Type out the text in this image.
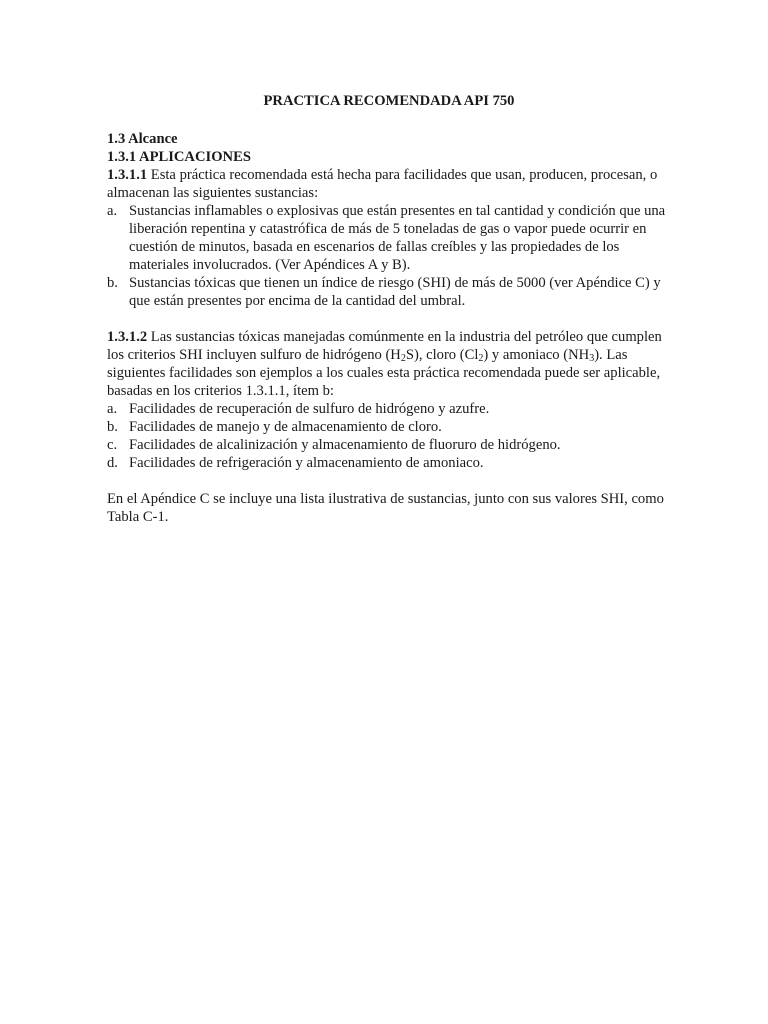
PRACTICA RECOMENDADA API 750
1.3 Alcance
1.3.1 APLICACIONES

1.3.1.1 Esta práctica recomendada está hecha para facilidades que usan, producen, procesan, o almacenan las siguientes sustancias:

a. Sustancias inflamables o explosivas que están presentes en tal cantidad y condición que una liberación repentina y catastrófica de más de 5 toneladas de gas o vapor puede ocurrir en cuestión de minutos, basada en escenarios de fallas creíbles y las propiedades de los materiales involucrados. (Ver Apéndices A y B).
b. Sustancias tóxicas que tienen un índice de riesgo (SHI) de más de 5000 (ver Apéndice C) y que están presentes por encima de la cantidad del umbral.

1.3.1.2 Las sustancias tóxicas manejadas comúnmente en la industria del petróleo que cumplen los criterios SHI incluyen sulfuro de hidrógeno $(H_2S)$, cloro $(Cl_2)$ y amoniaco $(NH_3)$. Las siguientes facilidades son ejemplos a los cuales esta práctica recomendada puede ser aplicable, basadas en los criterios 1.3.1.1, ítem b:

a. Facilidades de recuperación de sulfuro de hidrógeno y azufre.
b. Facilidades de manejo y de almacenamiento de cloro.
c. Facilidades de alcalinización y almacenamiento de fluoruro de hidrógeno.
d. Facilidades de refrigeración y almacenamiento de amoniaco.

En el Apéndice C se incluye una lista ilustrativa de sustancias, junto con sus valores SHI, como Tabla C-1.
